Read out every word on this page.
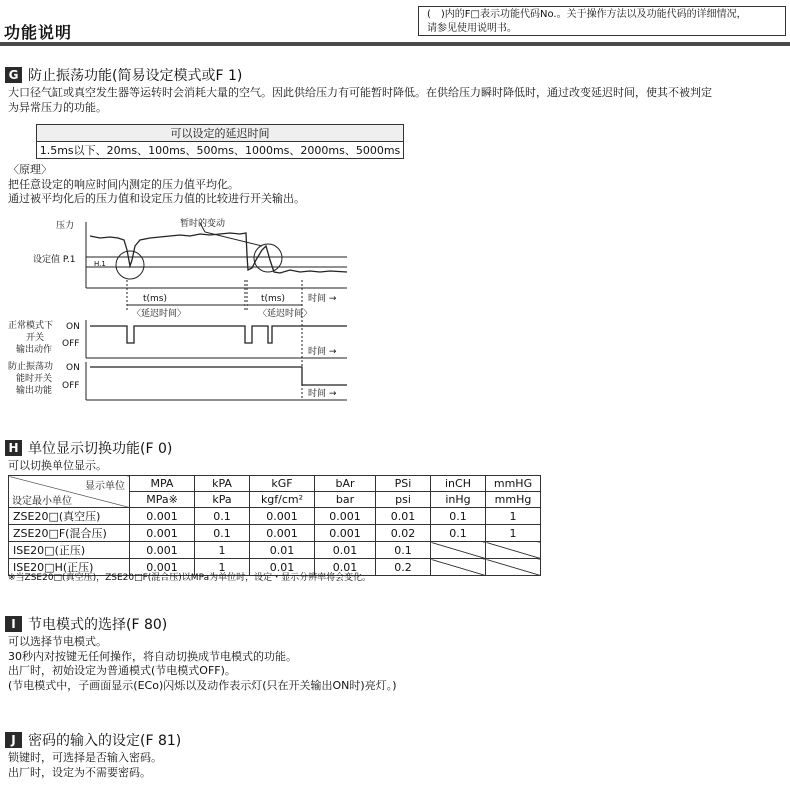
功能说明
(　)内的F□表示功能代码No.。关于操作方法以及功能代码的详细情况，
请参见使用说明书。
G 防止振荡功能(简易设定模式或F 1)
大口径气缸或真空发生器等运转时会消耗大量的空气。因此供给压力有可能暂时降低。在供给压力瞬时降低时，通过改变延迟时间，使其不被判定
为异常压力的功能。
可以设定的延迟时间
1.5ms以下、20ms、100ms、500ms、1000ms、2000ms、5000ms
〈原理〉
把任意设定的响应时间内测定的压力值平均化。
通过被平均化后的压力值和设定压力值的比较进行开关输出。
压力	暂时的变动
设定值 P.1	H.1
t(ms)	t(ms)
〈延迟时间〉	〈延迟时间〉
时间 →
时间 →
时间 →
正常模式下
开关
输出动作
ON
OFF
防止振荡功
能时开关
输出功能
ON
OFF
H 单位显示切换功能(F 0)
可以切换单位显示。
显示单位
设定最小单位	MPA	kPA	kGF	bAr	PSi	inCH	mmHG
	MPa※	kPa	kgf/cm²	bar	psi	inHg	mmHg
ZSE20□(真空压)	0.001	0.1	0.001	0.001	0.01	0.1	1
ZSE20□F(混合压)	0.001	0.1	0.001	0.001	0.02	0.1	1
ISE20□(正压)	0.001	1	0.01	0.01	0.1		
ISE20□H(正压)	0.001	1	0.01	0.01	0.2		
※当ZSE20□(真空压)，ZSE20□F(混合压)以MPa为单位时，设定・显示分辨率将会变化。
I 节电模式的选择(F 80)
可以选择节电模式。
30秒内对按键无任何操作，将自动切换成节电模式的功能。
出厂时，初始设定为普通模式(节电模式OFF)。
(节电模式中，子画面显示(ECo)闪烁以及动作表示灯(只在开关输出ON时)亮灯。)
J 密码的输入的设定(F 81)
锁键时，可选择是否输入密码。
出厂时，设定为不需要密码。
